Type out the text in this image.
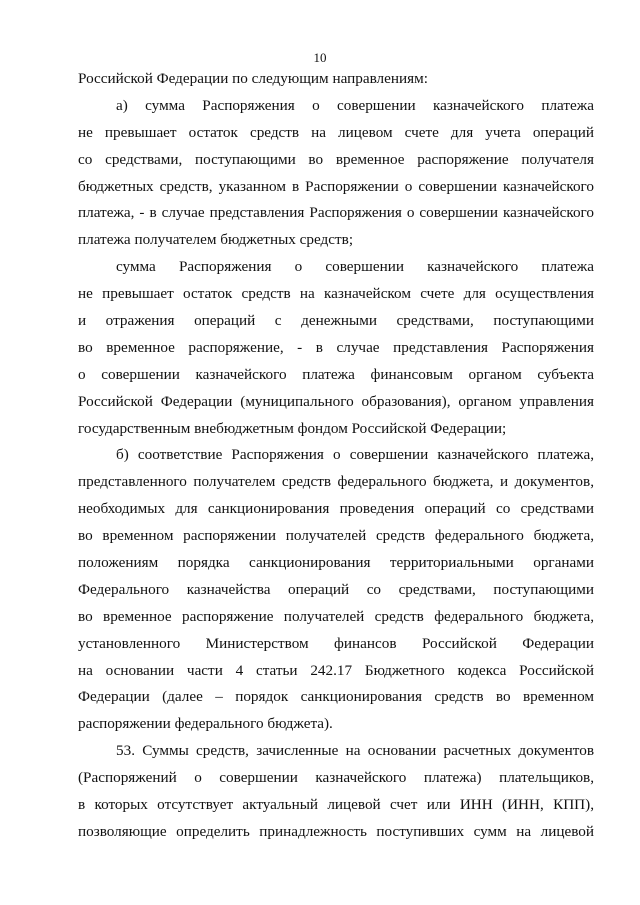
10
Российской Федерации по следующим направлениям:
а) сумма Распоряжения о совершении казначейского платежа
не превышает остаток средств на лицевом счете для учета операций
со средствами, поступающими во временное распоряжение получателя
бюджетных средств, указанном в Распоряжении о совершении казначейского
платежа, - в случае представления Распоряжения о совершении казначейского
платежа получателем бюджетных средств;
сумма Распоряжения о совершении казначейского платежа
не превышает остаток средств на казначейском счете для осуществления
и отражения операций с денежными средствами, поступающими
во временное распоряжение, - в случае представления Распоряжения
о совершении казначейского платежа финансовым органом субъекта
Российской Федерации (муниципального образования), органом управления
государственным внебюджетным фондом Российской Федерации;
б) соответствие Распоряжения о совершении казначейского платежа,
представленного получателем средств федерального бюджета, и документов,
необходимых для санкционирования проведения операций со средствами
во временном распоряжении получателей средств федерального бюджета,
положениям порядка санкционирования территориальными органами
Федерального казначейства операций со средствами, поступающими
во временное распоряжение получателей средств федерального бюджета,
установленного Министерством финансов Российской Федерации
на основании части 4 статьи 242.17 Бюджетного кодекса Российской
Федерации (далее – порядок санкционирования средств во временном
распоряжении федерального бюджета).
53. Суммы средств, зачисленные на основании расчетных документов
(Распоряжений о совершении казначейского платежа) плательщиков,
в которых отсутствует актуальный лицевой счет или ИНН (ИНН, КПП),
позволяющие определить принадлежность поступивших сумм на лицевой
